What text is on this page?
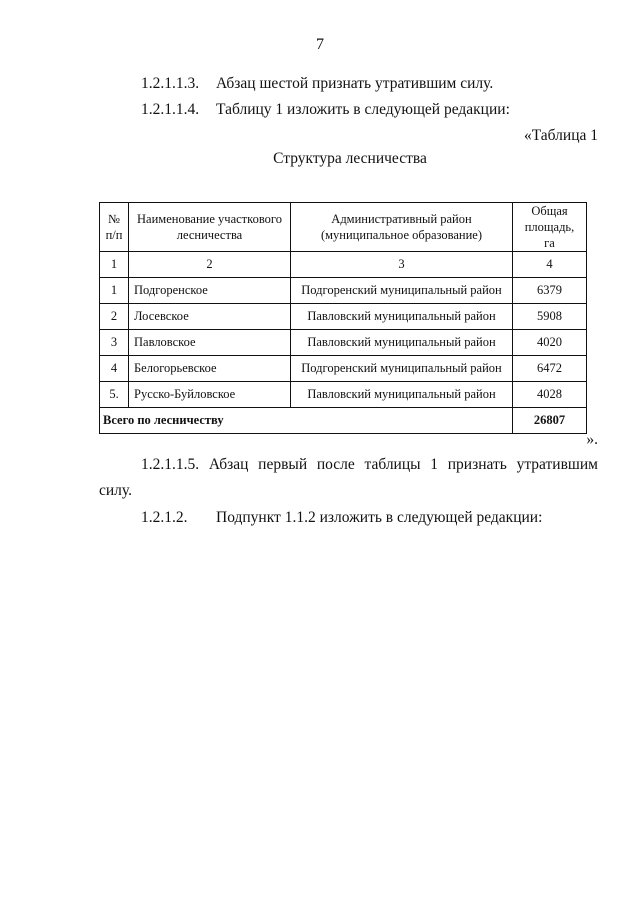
7
1.2.1.1.3. Абзац шестой признать утратившим силу.
1.2.1.1.4. Таблицу 1 изложить в следующей редакции:
«Таблица 1
Структура лесничества
№ п/п	Наименование участкового лесничества	Административный район (муниципальное образование)	Общая площадь, га
1	2	3	4
1	Подгоренское	Подгоренский муниципальный район	6379
2	Лосевское	Павловский муниципальный район	5908
3	Павловское	Павловский муниципальный район	4020
4	Белогорьевское	Подгоренский муниципальный район	6472
5.	Русско-Буйловское	Павловский муниципальный район	4028
Всего по лесничеству			26807
».
1.2.1.1.5. Абзац первый после таблицы 1 признать утратившим
силу.
1.2.1.2. Подпункт 1.1.2 изложить в следующей редакции:
